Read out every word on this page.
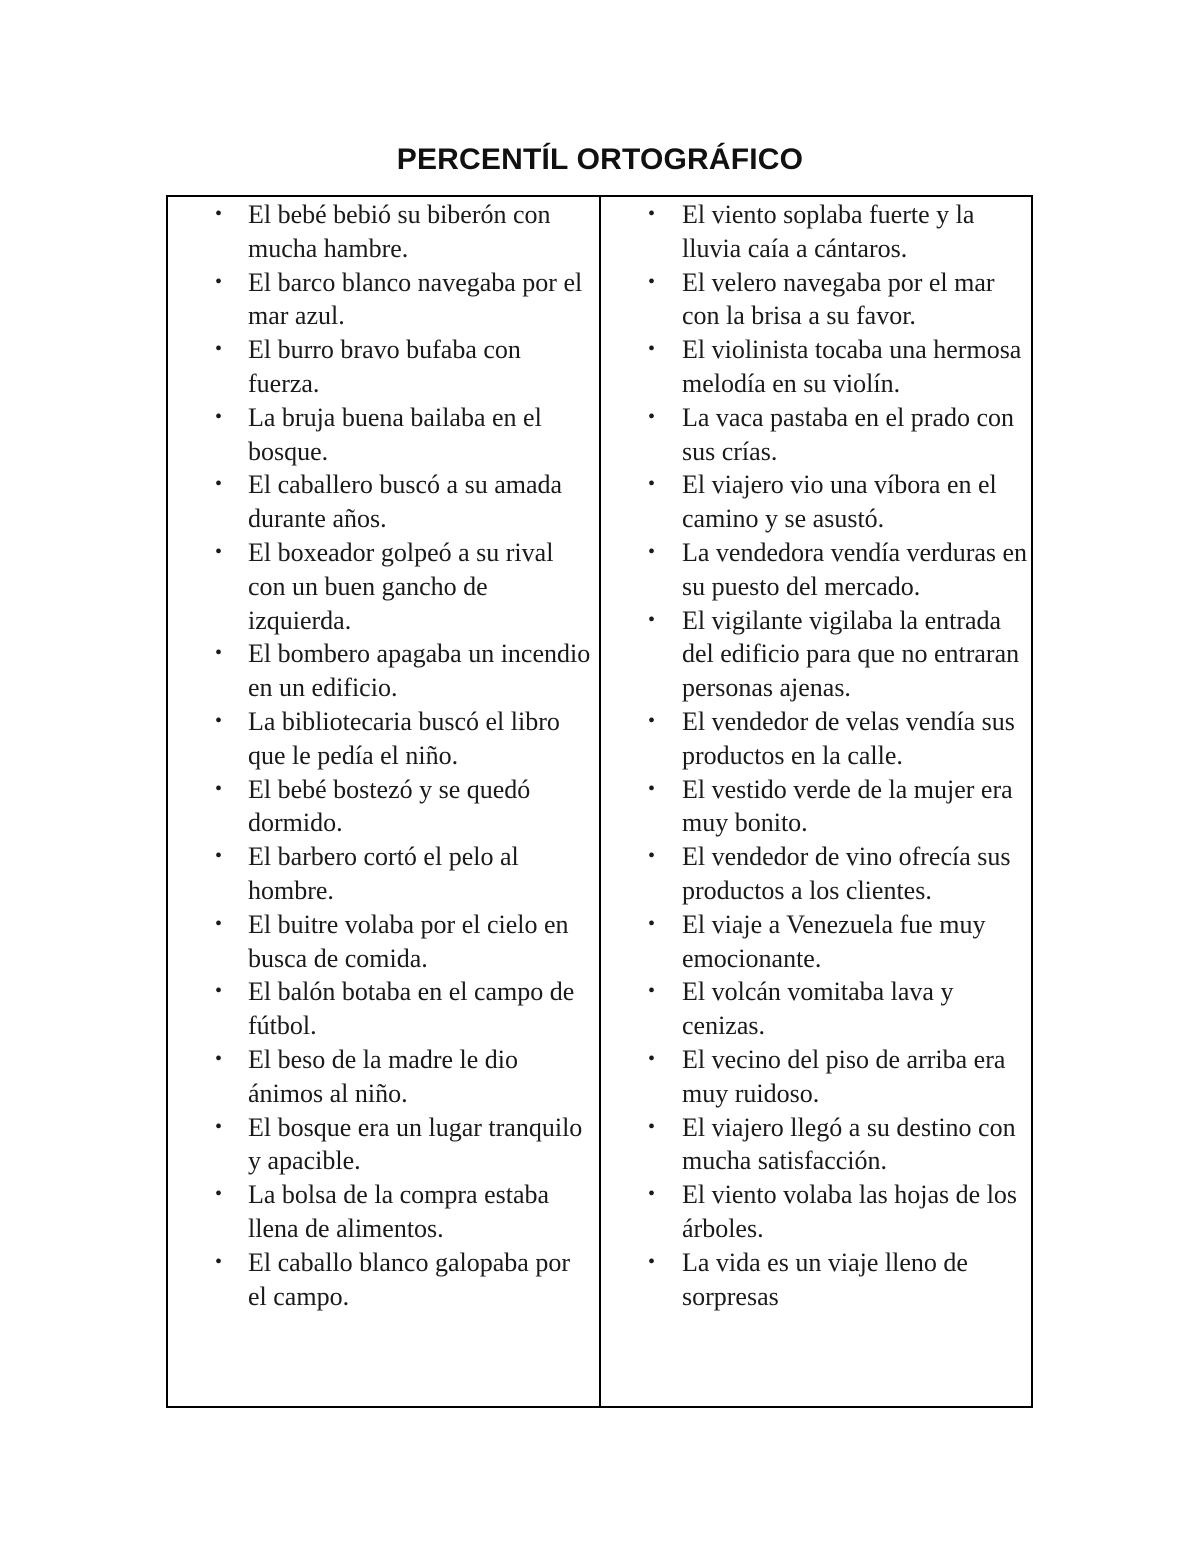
PERCENTÍL ORTOGRÁFICO
• El bebé bebió su biberón con mucha hambre.
• El barco blanco navegaba por el mar azul.
• El burro bravo bufaba con fuerza.
• La bruja buena bailaba en el bosque.
• El caballero buscó a su amada durante años.
• El boxeador golpeó a su rival con un buen gancho de izquierda.
• El bombero apagaba un incendio en un edificio.
• La bibliotecaria buscó el libro que le pedía el niño.
• El bebé bostezó y se quedó dormido.
• El barbero cortó el pelo al hombre.
• El buitre volaba por el cielo en busca de comida.
• El balón botaba en el campo de fútbol.
• El beso de la madre le dio ánimos al niño.
• El bosque era un lugar tranquilo y apacible.
• La bolsa de la compra estaba llena de alimentos.
• El caballo blanco galopaba por el campo.
• El viento soplaba fuerte y la lluvia caía a cántaros.
• El velero navegaba por el mar con la brisa a su favor.
• El violinista tocaba una hermosa melodía en su violín.
• La vaca pastaba en el prado con sus crías.
• El viajero vio una víbora en el camino y se asustó.
• La vendedora vendía verduras en su puesto del mercado.
• El vigilante vigilaba la entrada del edificio para que no entraran personas ajenas.
• El vendedor de velas vendía sus productos en la calle.
• El vestido verde de la mujer era muy bonito.
• El vendedor de vino ofrecía sus productos a los clientes.
• El viaje a Venezuela fue muy emocionante.
• El volcán vomitaba lava y cenizas.
• El vecino del piso de arriba era muy ruidoso.
• El viajero llegó a su destino con mucha satisfacción.
• El viento volaba las hojas de los árboles.
• La vida es un viaje lleno de sorpresas
